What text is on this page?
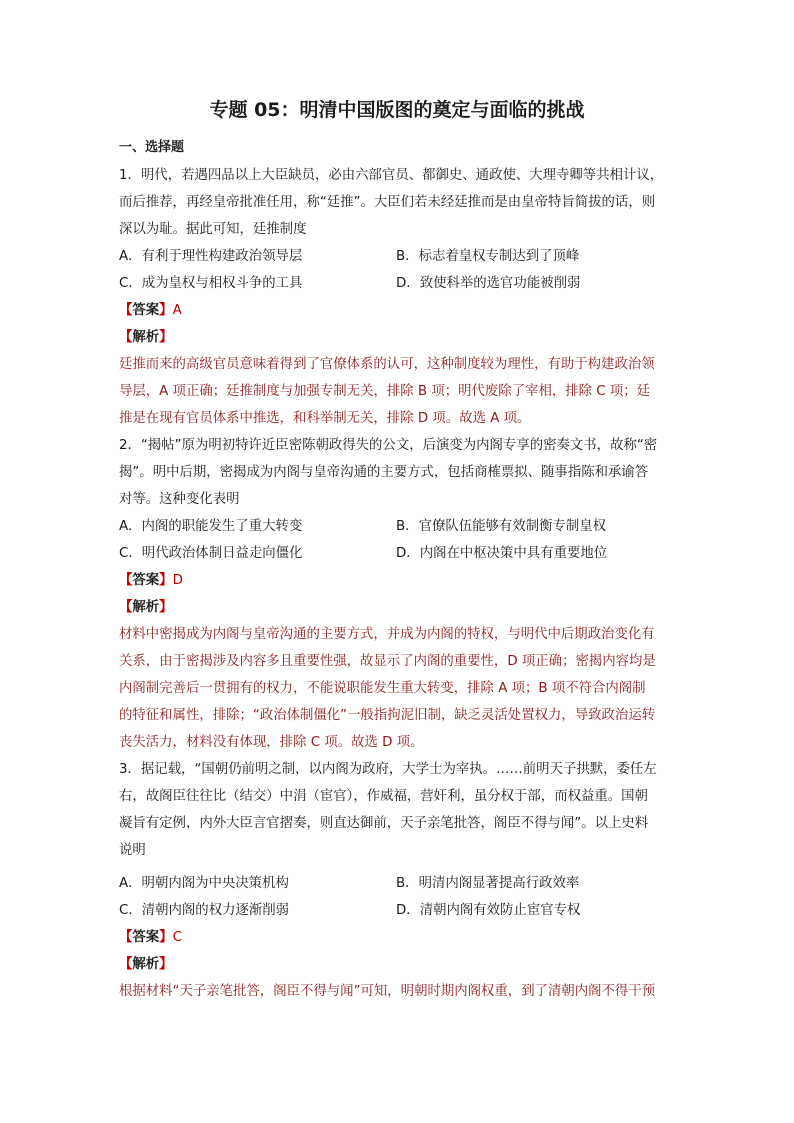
专题 05：明清中国版图的奠定与面临的挑战
一、选择题
1．明代，若遇四品以上大臣缺员，必由六部官员、都御史、通政使、大理寺卿等共相计议，
而后推荐，再经皇帝批准任用，称“廷推”。大臣们若未经廷推而是由皇帝特旨简拔的话，则
深以为耻。据此可知，廷推制度
A．有利于理性构建政治领导层	B．标志着皇权专制达到了顶峰
C．成为皇权与相权斗争的工具	D．致使科举的选官功能被削弱
【答案】A
【解析】
廷推而来的高级官员意味着得到了官僚体系的认可，这种制度较为理性，有助于构建政治领
导层，A 项正确；廷推制度与加强专制无关，排除 B 项；明代废除了宰相，排除 C 项；廷
推是在现有官员体系中推选，和科举制无关，排除 D 项。故选 A 项。
2．“揭帖”原为明初特许近臣密陈朝政得失的公文，后演变为内阁专享的密奏文书，故称“密
揭”。明中后期，密揭成为内阁与皇帝沟通的主要方式，包括商榷票拟、随事指陈和承谕答
对等。这种变化表明
A．内阁的职能发生了重大转变	B．官僚队伍能够有效制衡专制皇权
C．明代政治体制日益走向僵化	D．内阁在中枢决策中具有重要地位
【答案】D
【解析】
材料中密揭成为内阁与皇帝沟通的主要方式，并成为内阁的特权，与明代中后期政治变化有
关系，由于密揭涉及内容多且重要性强，故显示了内阁的重要性，D 项正确；密揭内容均是
内阁制完善后一贯拥有的权力，不能说职能发生重大转变，排除 A 项；B 项不符合内阁制
的特征和属性，排除；“政治体制僵化”一般指拘泥旧制，缺乏灵活处置权力，导致政治运转
丧失活力，材料没有体现，排除 C 项。故选 D 项。
3．据记载，“国朝仍前明之制，以内阁为政府，大学士为宰执。……前明天子拱默，委任左
右，故阁臣往往比（结交）中涓（宦官），作威福，营奸利，虽分权于部，而权益重。国朝
凝旨有定例，内外大臣言官摺奏，则直达御前，天子亲笔批答，阁臣不得与闻”。以上史料
说明
A．明朝内阁为中央决策机构	B．明清内阁显著提高行政效率
C．清朝内阁的权力逐渐削弱	D．清朝内阁有效防止宦官专权
【答案】C
【解析】
根据材料“天子亲笔批答，阁臣不得与闻”可知，明朝时期内阁权重，到了清朝内阁不得干预
